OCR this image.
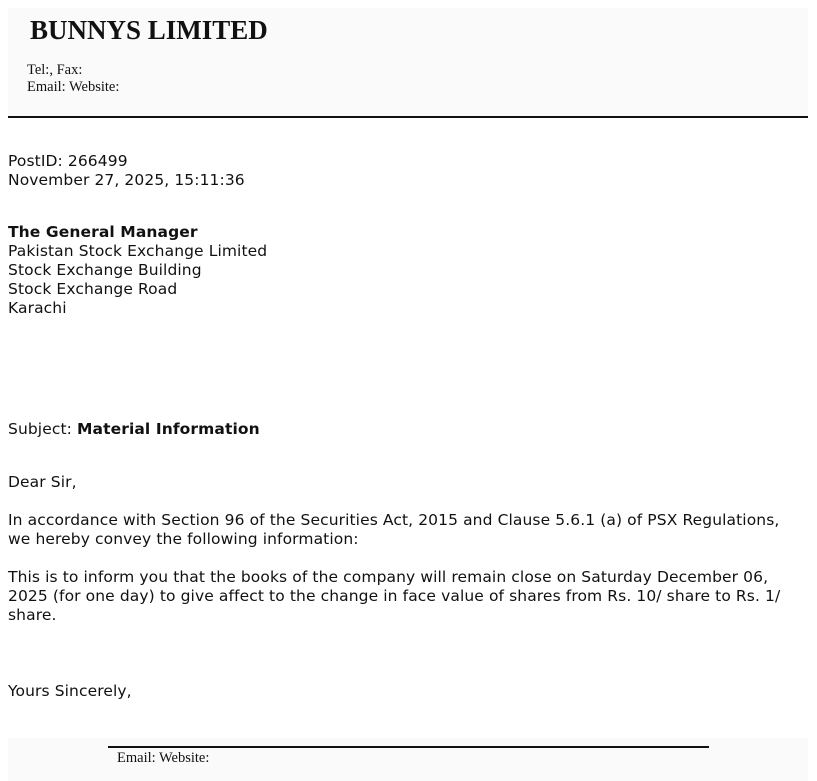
BUNNYS LIMITED
Tel:, Fax:
Email: Website:
PostID: 266499
November 27, 2025, 15:11:36
The General Manager
Pakistan Stock Exchange Limited
Stock Exchange Building
Stock Exchange Road
Karachi
Subject: Material Information
Dear Sir,
In accordance with Section 96 of the Securities Act, 2015 and Clause 5.6.1 (a) of PSX Regulations, we hereby convey the following information:
This is to inform you that the books of the company will remain close on Saturday December 06, 2025 (for one day) to give affect to the change in face value of shares from Rs. 10/ share to Rs. 1/ share.
Yours Sincerely,
Email: Website:
